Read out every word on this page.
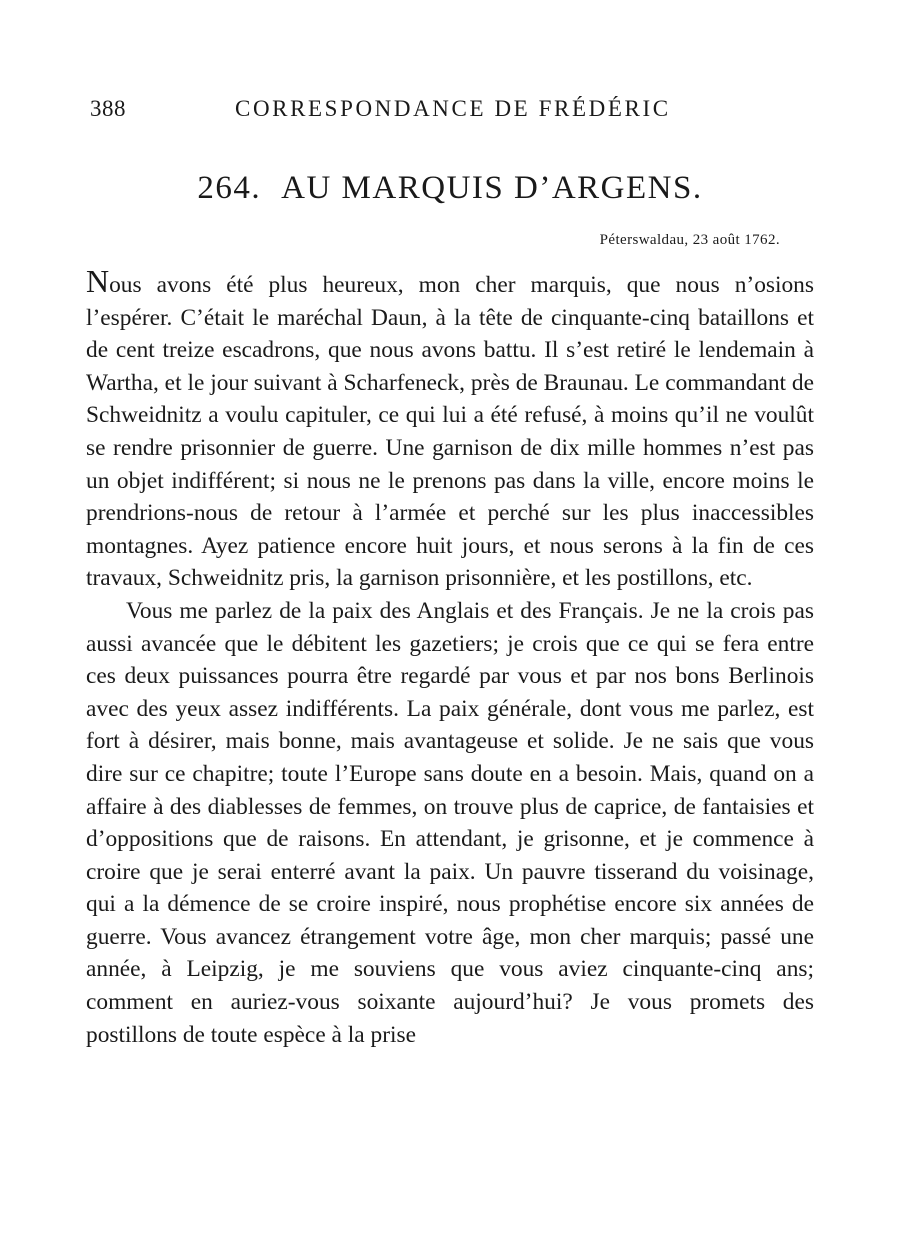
388	CORRESPONDANCE DE FRÉDÉRIC
264. AU MARQUIS D’ARGENS.
Péterswaldau, 23 août 1762.

Nous avons été plus heureux, mon cher marquis, que nous n’osions l’espérer. C’était le maréchal Daun, à la tête de cinquante-cinq bataillons et de cent treize escadrons, que nous avons battu. Il s’est retiré le lendemain à Wartha, et le jour suivant à Scharfeneck, près de Braunau. Le commandant de Schweidnitz a voulu capituler, ce qui lui a été refusé, à moins qu’il ne voulût se rendre prisonnier de guerre. Une garnison de dix mille hommes n’est pas un objet indifférent; si nous ne le prenons pas dans la ville, encore moins le prendrions-nous de retour à l’armée et perché sur les plus inaccessibles montagnes. Ayez patience encore huit jours, et nous serons à la fin de ces travaux, Schweidnitz pris, la garnison prisonnière, et les postillons, etc.

Vous me parlez de la paix des Anglais et des Français. Je ne la crois pas aussi avancée que le débitent les gazetiers; je crois que ce qui se fera entre ces deux puissances pourra être regardé par vous et par nos bons Berlinois avec des yeux assez indifférents. La paix générale, dont vous me parlez, est fort à désirer, mais bonne, mais avantageuse et solide. Je ne sais que vous dire sur ce chapitre; toute l’Europe sans doute en a besoin. Mais, quand on a affaire à des diablesses de femmes, on trouve plus de caprice, de fantaisies et d’oppositions que de raisons. En attendant, je grisonne, et je commence à croire que je serai enterré avant la paix. Un pauvre tisserand du voisinage, qui a la démence de se croire inspiré, nous prophétise encore six années de guerre. Vous avancez étrangement votre âge, mon cher marquis; passé une année, à Leipzig, je me souviens que vous aviez cinquante-cinq ans; comment en auriez-vous soixante aujourd’hui? Je vous promets des postillons de toute espèce à la prise
